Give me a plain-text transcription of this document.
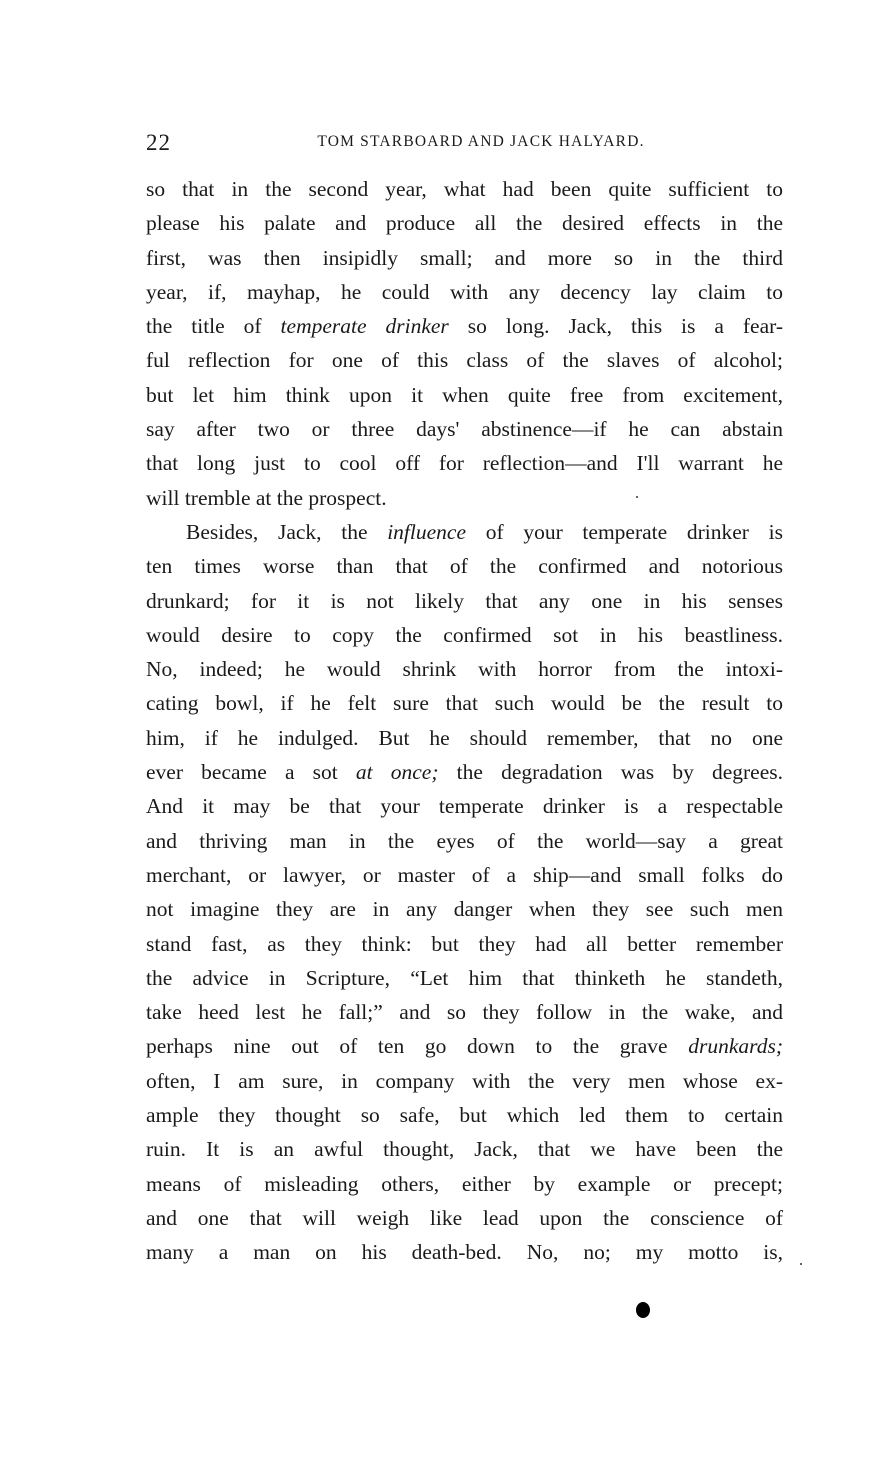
22	TOM STARBOARD AND JACK HALYARD.
so that in the second year, what had been quite sufficient to
please his palate and produce all the desired effects in the
first, was then insipidly small; and more so in the third
year, if, mayhap, he could with any decency lay claim to
the title of temperate drinker so long. Jack, this is a fear-
ful reflection for one of this class of the slaves of alcohol;
but let him think upon it when quite free from excitement,
say after two or three days' abstinence—if he can abstain
that long just to cool off for reflection—and I'll warrant he
will tremble at the prospect.
Besides, Jack, the influence of your temperate drinker is
ten times worse than that of the confirmed and notorious
drunkard; for it is not likely that any one in his senses
would desire to copy the confirmed sot in his beastliness.
No, indeed; he would shrink with horror from the intoxi-
cating bowl, if he felt sure that such would be the result to
him, if he indulged. But he should remember, that no one
ever became a sot at once; the degradation was by degrees.
And it may be that your temperate drinker is a respectable
and thriving man in the eyes of the world—say a great
merchant, or lawyer, or master of a ship—and small folks do
not imagine they are in any danger when they see such men
stand fast, as they think: but they had all better remember
the advice in Scripture, “Let him that thinketh he standeth,
take heed lest he fall;” and so they follow in the wake, and
perhaps nine out of ten go down to the grave drunkards;
often, I am sure, in company with the very men whose ex-
ample they thought so safe, but which led them to certain
ruin. It is an awful thought, Jack, that we have been the
means of misleading others, either by example or precept;
and one that will weigh like lead upon the conscience of
many a man on his death-bed. No, no; my motto is,
